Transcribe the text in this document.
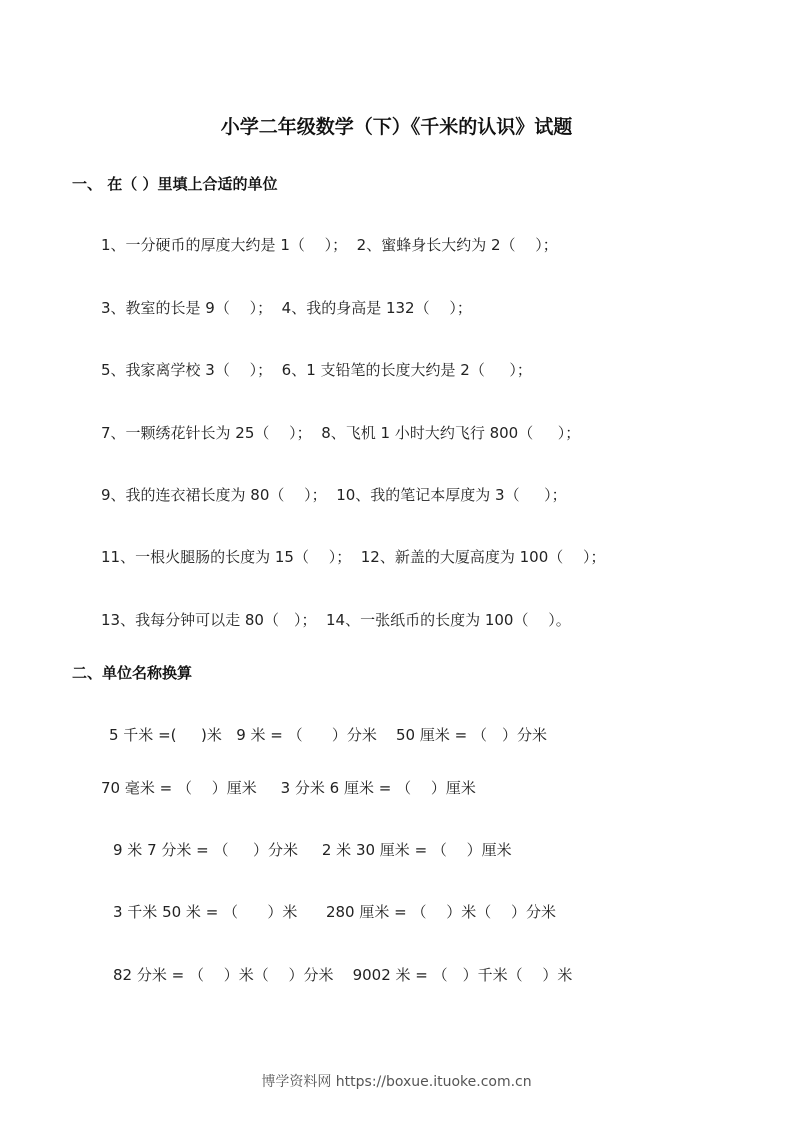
小学二年级数学（下）《千米的认识》试题
一、 在（ ）里填上合适的单位
1、一分硬币的厚度大约是 1（　 ）；  2、蜜蜂身长大约为 2（　 ）；
3、教室的长是 9（　 ）；  4、我的身高是 132（　 ）；
5、我家离学校 3（　 ）；  6、1 支铅笔的长度大约是 2（　  ）；
7、一颗绣花针长为 25（　 ）；  8、飞机 1 小时大约飞行 800（　  ）；
9、我的连衣裙长度为 80（　 ）；  10、我的笔记本厚度为 3（　  ）；
11、一根火腿肠的长度为 15（　 ）；  12、新盖的大厦高度为 100（　 ）；
13、我每分钟可以走 80（　）；  14、一张纸币的长度为 100（　 ）。
二、单位名称换算
5 千米 =(　  )米   9 米 = （　   ）分米    50 厘米 = （　）分米
70 毫米 = （　 ）厘米     3 分米 6 厘米 = （　 ）厘米
9 米 7 分米 = （　  ）分米     2 米 30 厘米 = （　 ）厘米
3 千米 50 米 = （　   ）米      280 厘米 = （　 ）米（　 ）分米
82 分米 = （　 ）米（　 ）分米    9002 米 = （　）千米（　 ）米
博学资料网 https://boxue.ituoke.com.cn
